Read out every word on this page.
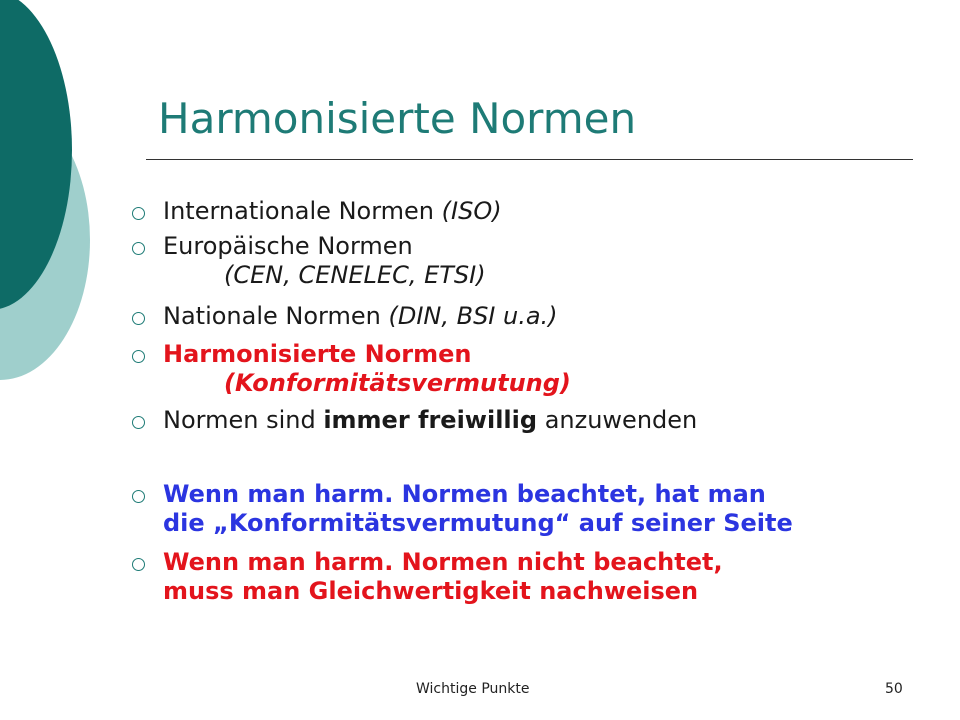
Harmonisierte Normen
Internationale Normen (ISO)
Europäische Normen
(CEN, CENELEC, ETSI)
Nationale Normen (DIN, BSI u.a.)
Harmonisierte Normen
(Konformitätsvermutung)
Normen sind immer freiwillig anzuwenden
Wenn man harm. Normen beachtet, hat man
die „Konformitätsvermutung“ auf seiner Seite
Wenn man harm. Normen nicht beachtet,
muss man Gleichwertigkeit nachweisen
Wichtige Punkte	50
